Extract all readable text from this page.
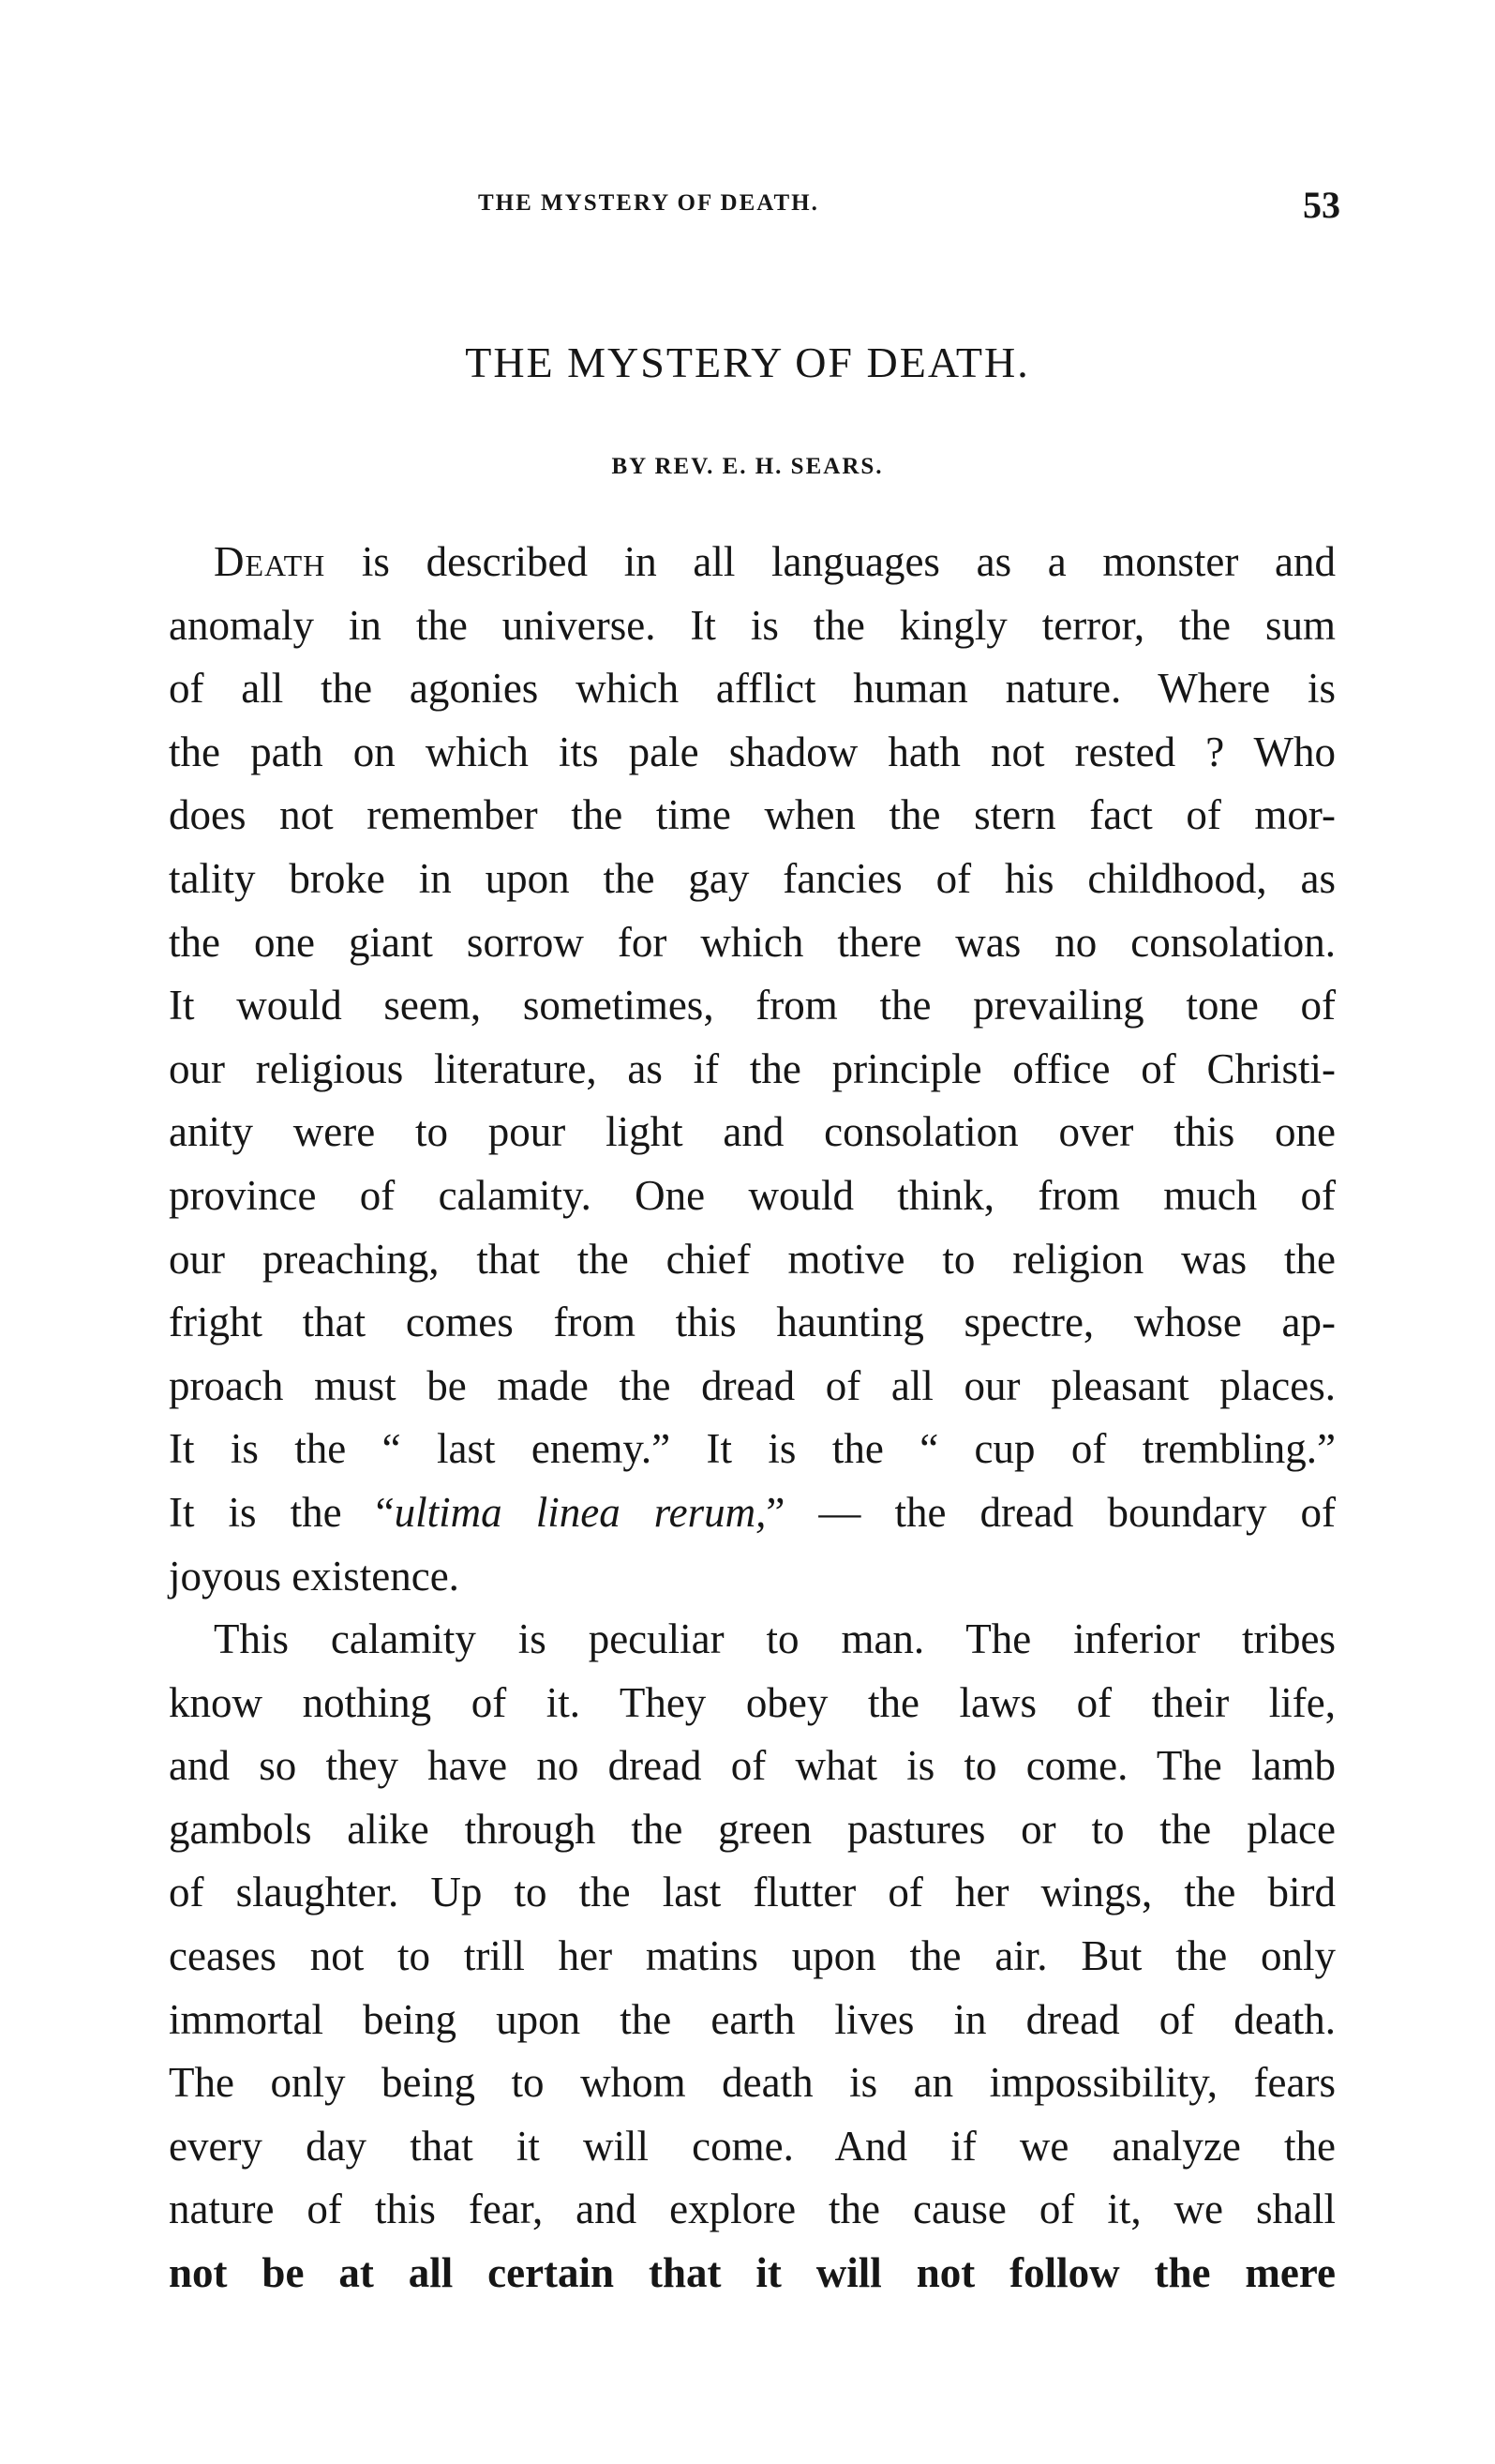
THE MYSTERY OF DEATH.	53
THE MYSTERY OF DEATH.

BY REV. E. H. SEARS.

Death is described in all languages as a monster and
anomaly in the universe. It is the kingly terror, the sum
of all the agonies which afflict human nature. Where is
the path on which its pale shadow hath not rested ? Who
does not remember the time when the stern fact of mor-
tality broke in upon the gay fancies of his childhood, as
the one giant sorrow for which there was no consolation.
It would seem, sometimes, from the prevailing tone of
our religious literature, as if the principle office of Christi-
anity were to pour light and consolation over this one
province of calamity. One would think, from much of
our preaching, that the chief motive to religion was the
fright that comes from this haunting spectre, whose ap-
proach must be made the dread of all our pleasant places.
It is the “ last enemy.” It is the “ cup of trembling.”
It is the “ultima linea rerum,” — the dread boundary of
joyous existence.
This calamity is peculiar to man. The inferior tribes
know nothing of it. They obey the laws of their life,
and so they have no dread of what is to come. The lamb
gambols alike through the green pastures or to the place
of slaughter. Up to the last flutter of her wings, the bird
ceases not to trill her matins upon the air. But the only
immortal being upon the earth lives in dread of death.
The only being to whom death is an impossibility, fears
every day that it will come. And if we analyze the
nature of this fear, and explore the cause of it, we shall
not be at all certain that it will not follow the mere
